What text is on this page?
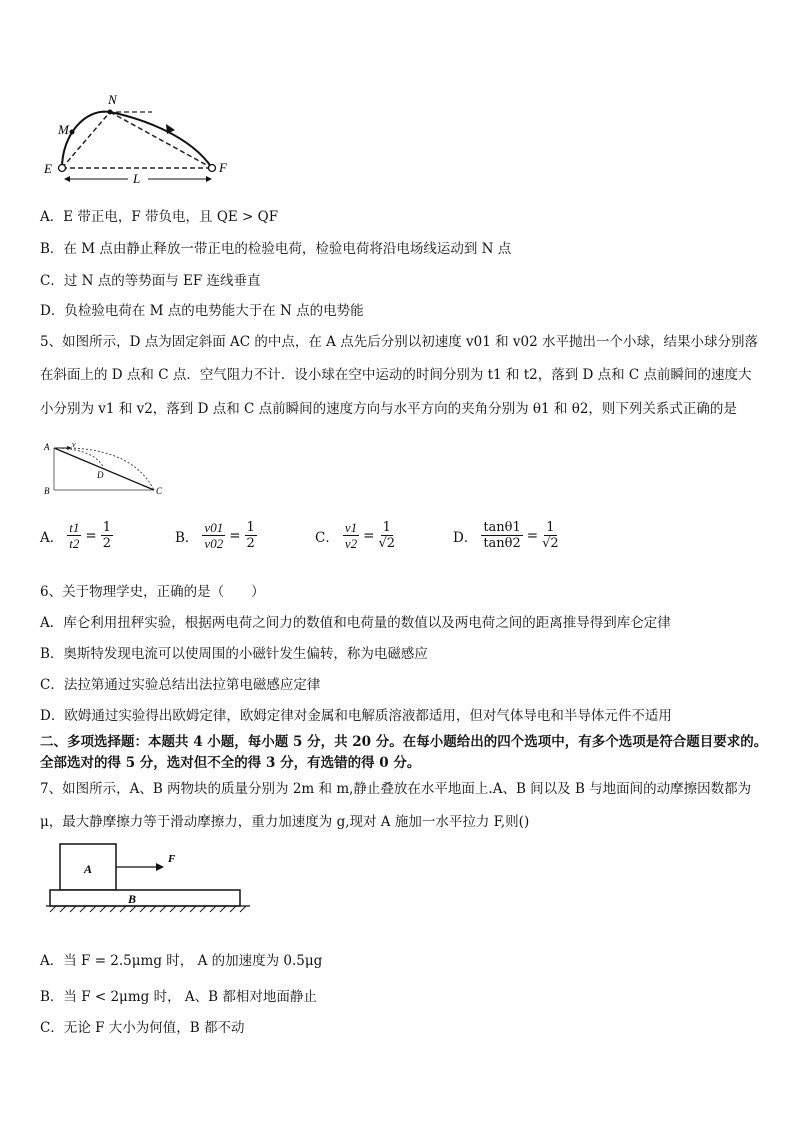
N
M
E	F
L
A．E 带正电，F 带负电，且 QE > QF
B．在 M 点由静止释放一带正电的检验电荷，检验电荷将沿电场线运动到 N 点
C．过 N 点的等势面与 EF 连线垂直
D．负检验电荷在 M 点的电势能大于在 N 点的电势能
5、如图所示，D 点为固定斜面 AC 的中点，在 A 点先后分别以初速度 v01 和 v02 水平抛出一个小球，结果小球分别落
在斜面上的 D 点和 C 点．空气阻力不计．设小球在空中运动的时间分别为 t1 和 t2，落到 D 点和 C 点前瞬间的速度大
小分别为 v1 和 v2，落到 D 点和 C 点前瞬间的速度方向与水平方向的夹角分别为 θ1 和 θ2，则下列关系式正确的是
A	v
D
B	C
A． $\frac{t1}{t2} = \frac{1}{2}$	B． $\frac{v01}{v02} = \frac{1}{2}$	C． $\frac{v1}{v2} = \frac{1}{√2}$	D． $\frac{\tan\theta 1}{\tan\theta 2} = \frac{1}{√2}$
6、关于物理学史，正确的是（　　）
A．库仑利用扭秤实验，根据两电荷之间力的数值和电荷量的数值以及两电荷之间的距离推导得到库仑定律
B．奥斯特发现电流可以使周围的小磁针发生偏转，称为电磁感应
C．法拉第通过实验总结出法拉第电磁感应定律
D．欧姆通过实验得出欧姆定律，欧姆定律对金属和电解质溶液都适用，但对气体导电和半导体元件不适用
二、多项选择题：本题共 4 小题，每小题 5 分，共 20 分。在每小题给出的四个选项中，有多个选项是符合题目要求的。
全部选对的得 5 分，选对但不全的得 3 分，有选错的得 0 分。
7、如图所示，A、B 两物块的质量分别为 2m 和 m,静止叠放在水平地面上.A、B 间以及 B 与地面间的动摩擦因数都为
μ，最大静摩擦力等于滑动摩擦力，重力加速度为 g,现对 A 施加一水平拉力 F,则()
A
B
F
A．当 F = 2.5μmg 时， A 的加速度为 0.5μg
B．当 F < 2μmg 时， A、B 都相对地面静止
C．无论 F 大小为何值，B 都不动
